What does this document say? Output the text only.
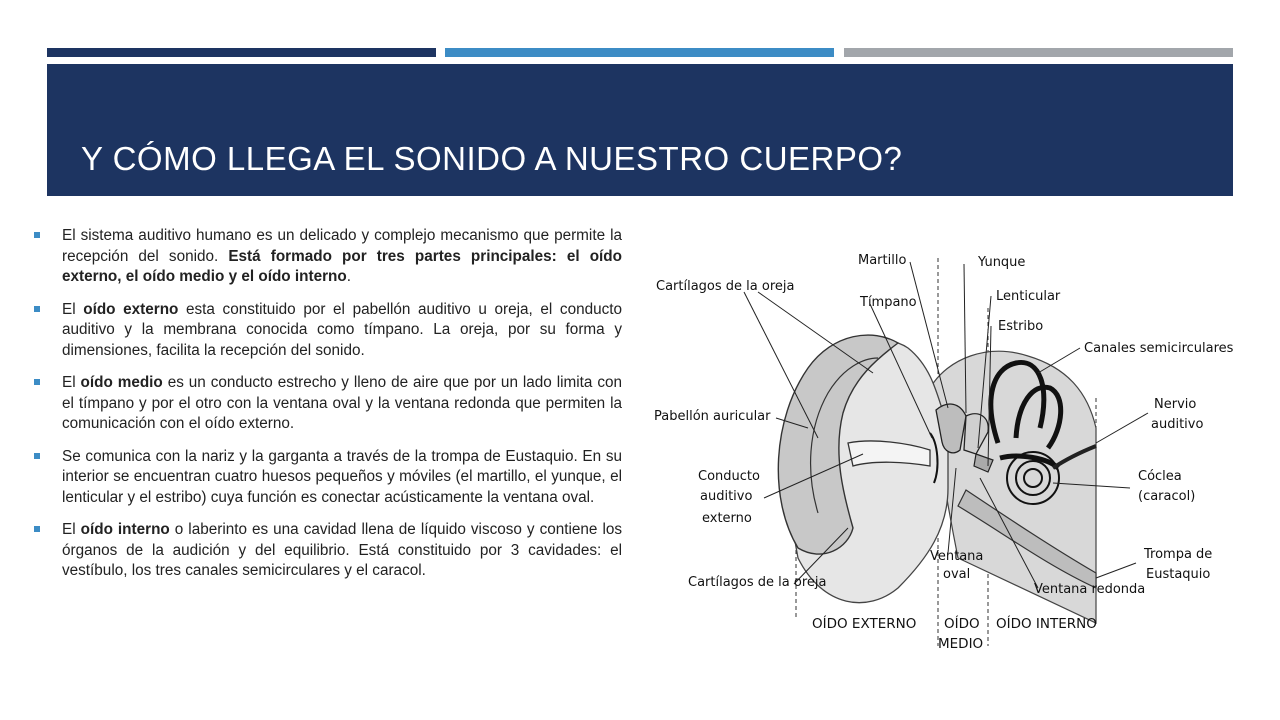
Y CÓMO LLEGA EL SONIDO A NUESTRO CUERPO?
El sistema auditivo humano es un delicado y complejo mecanismo que permite la recepción del sonido. Está formado por tres partes principales: el oído externo, el oído medio y el oído interno.
El oído externo esta constituido por el pabellón auditivo u oreja, el conducto auditivo y la membrana conocida como tímpano. La oreja, por su forma y dimensiones, facilita la recepción del sonido.
El oído medio es un conducto estrecho y lleno de aire que por un lado limita con el tímpano y por el otro con la ventana oval y la ventana redonda que permiten la comunicación con el oído externo.
Se comunica con la nariz y la garganta a través de la trompa de Eustaquio. En su interior se encuentran cuatro huesos pequeños y móviles (el martillo, el yunque, el lenticular y el estribo) cuya función es conectar acústicamente la ventana oval.
El oído interno o laberinto es una cavidad llena de líquido viscoso y contiene los órganos de la audición y del equilibrio. Está constituido por 3 cavidades: el vestíbulo, los tres canales semicirculares y el caracol.
Martillo	Yunque
Cartílagos de la oreja
Tímpano	Lenticular
Estribo
Canales semicirculares
Pabellón auricular
Nervio
auditivo
Conducto
auditivo
externo
Cóclea
(caracol)
Ventana
oval
Trompa de
Eustaquio
Cartílagos de la oreja	Ventana redonda
OÍDO EXTERNO OÍDO
MEDIO
OÍDO INTERNO
